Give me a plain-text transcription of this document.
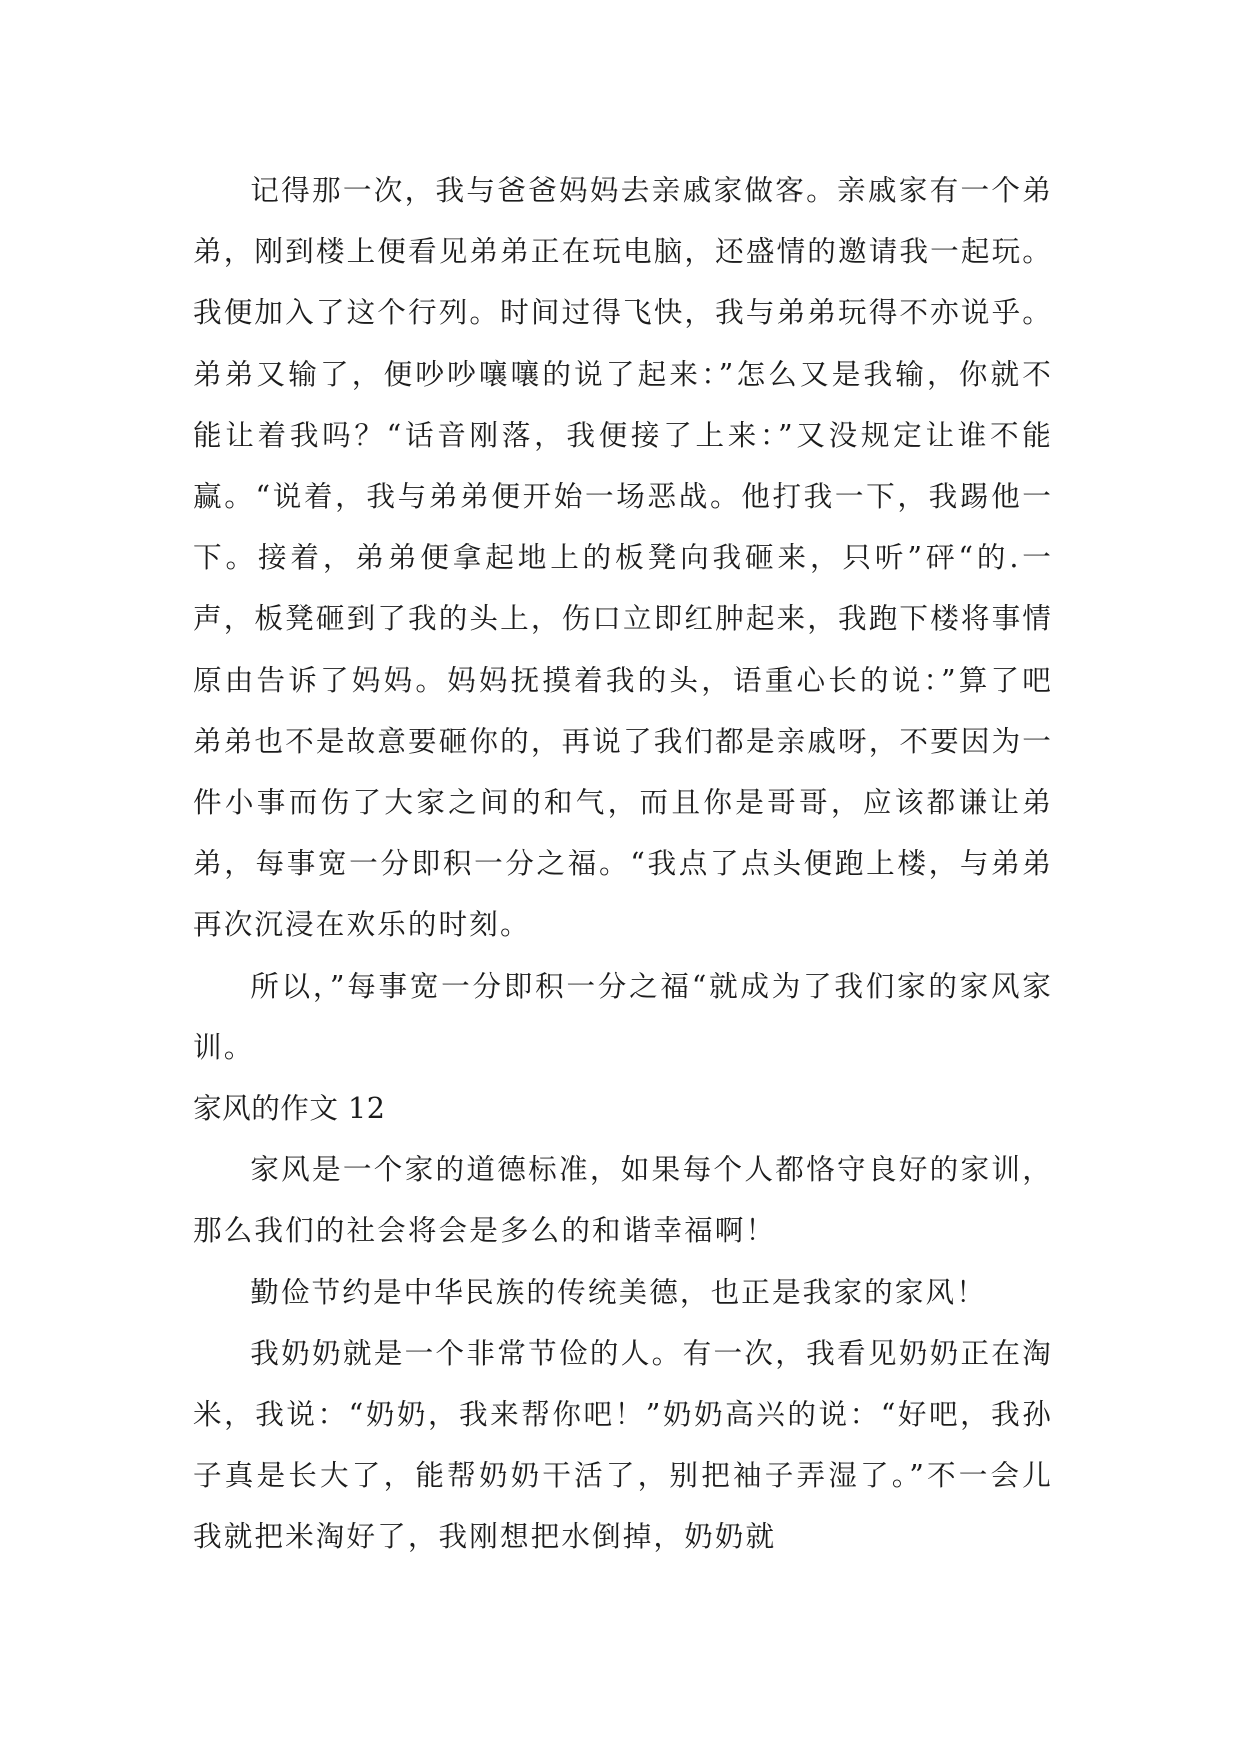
记得那一次，我与爸爸妈妈去亲戚家做客。亲戚家有一个弟弟，刚到楼上便看见弟弟正在玩电脑，还盛情的邀请我一起玩。我便加入了这个行列。时间过得飞快，我与弟弟玩得不亦说乎。弟弟又输了，便吵吵嚷嚷的说了起来：”怎么又是我输，你就不能让着我吗？“话音刚落，我便接了上来：”又没规定让谁不能赢。“说着，我与弟弟便开始一场恶战。他打我一下，我踢他一下。接着，弟弟便拿起地上的板凳向我砸来，只听”砰“的.一声，板凳砸到了我的头上，伤口立即红肿起来，我跑下楼将事情原由告诉了妈妈。妈妈抚摸着我的头，语重心长的说：”算了吧弟弟也不是故意要砸你的，再说了我们都是亲戚呀，不要因为一件小事而伤了大家之间的和气，而且你是哥哥，应该都谦让弟弟，每事宽一分即积一分之福。“我点了点头便跑上楼，与弟弟再次沉浸在欢乐的时刻。

所以，”每事宽一分即积一分之福“就成为了我们家的家风家训。

家风的作文 12

家风是一个家的道德标准，如果每个人都恪守良好的家训，那么我们的社会将会是多么的和谐幸福啊！

勤俭节约是中华民族的传统美德，也正是我家的家风！

我奶奶就是一个非常节俭的人。有一次，我看见奶奶正在淘米，我说：“奶奶，我来帮你吧！”奶奶高兴的说：“好吧，我孙子真是长大了，能帮奶奶干活了，别把袖子弄湿了。”不一会儿我就把米淘好了，我刚想把水倒掉，奶奶就
